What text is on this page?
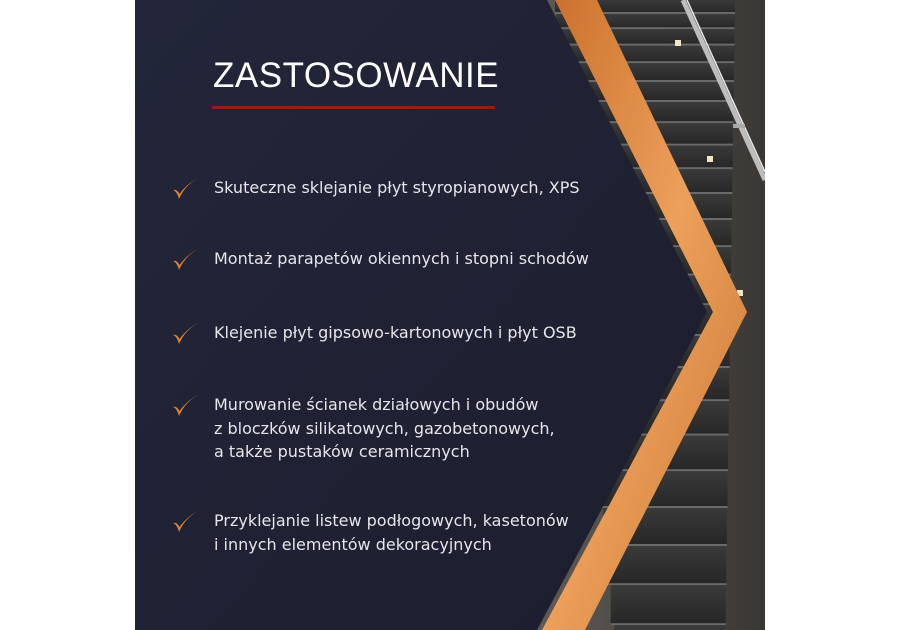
ZASTOSOWANIE
Skuteczne sklejanie płyt styropianowych, XPS
Montaż parapetów okiennych i stopni schodów
Klejenie płyt gipsowo-kartonowych i płyt OSB
Murowanie ścianek działowych i obudów
z bloczków silikatowych, gazobetonowych,
a także pustaków ceramicznych
Przyklejanie listew podłogowych, kasetonów
i innych elementów dekoracyjnych
